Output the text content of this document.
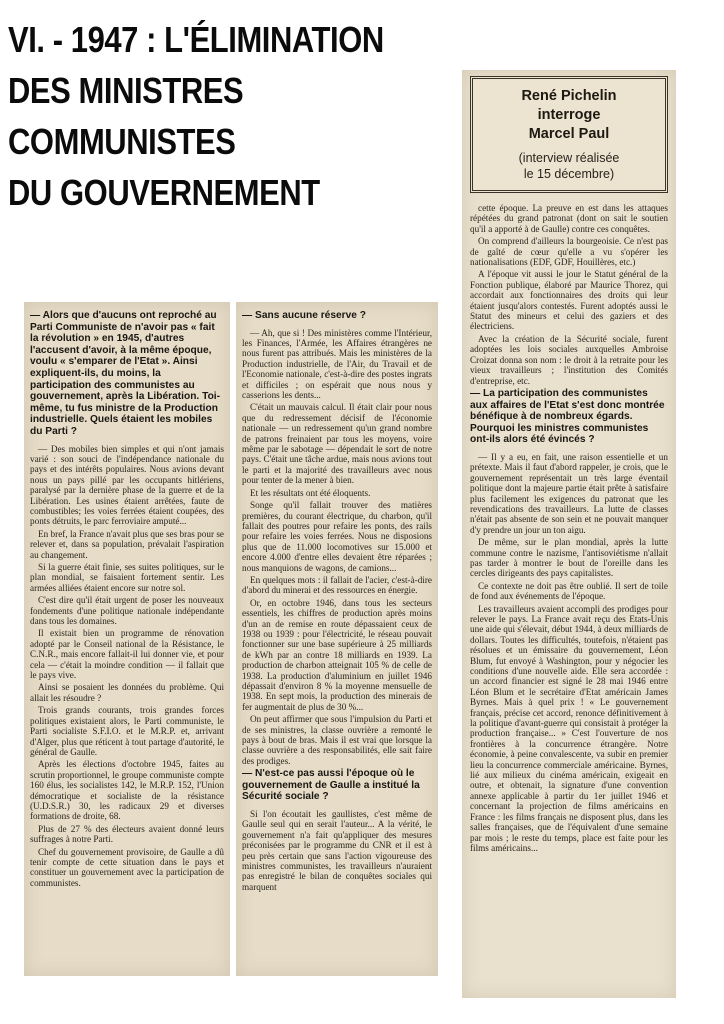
VI. - 1947 : L'ÉLIMINATION
DES MINISTRES
COMMUNISTES
DU GOUVERNEMENT

— Alors que d'aucuns ont reproché au Parti Communiste de n'avoir pas « fait la révolution » en 1945, d'autres l'accusent d'avoir, à la même époque, voulu « s'emparer de l'Etat ». Ainsi expliquent-ils, du moins, la participation des communistes au gouvernement, après la Libération. Toi-même, tu fus ministre de la Production industrielle. Quels étaient les mobiles du Parti ?

— Des mobiles bien simples et qui n'ont jamais varié : son souci de l'indépendance nationale du pays et des intérêts populaires. Nous avions devant nous un pays pillé par les occupants hitlériens, paralysé par la dernière phase de la guerre et de la Libération. Les usines étaient arrêtées, faute de combustibles; les voies ferrées étaient coupées, des ponts détruits, le parc ferroviaire amputé...

En bref, la France n'avait plus que ses bras pour se relever et, dans sa population, prévalait l'aspiration au changement.

Si la guerre était finie, ses suites politiques, sur le plan mondial, se faisaient fortement sentir. Les armées alliées étaient encore sur notre sol.

C'est dire qu'il était urgent de poser les nouveaux fondements d'une politique nationale indépendante dans tous les domaines.

Il existait bien un programme de rénovation adopté par le Conseil national de la Résistance, le C.N.R., mais encore fallait-il lui donner vie, et pour cela — c'était la moindre condition — il fallait que le pays vive.

Ainsi se posaient les données du problème. Qui allait les résoudre ?

Trois grands courants, trois grandes forces politiques existaient alors, le Parti communiste, le Parti socialiste S.F.I.O. et le M.R.P. et, arrivant d'Alger, plus que réticent à tout partage d'autorité, le général de Gaulle.

Après les élections d'octobre 1945, faites au scrutin proportionnel, le groupe communiste compte 160 élus, les socialistes 142, le M.R.P. 152, l'Union démocratique et socialiste de la résistance (U.D.S.R.) 30, les radicaux 29 et diverses formations de droite, 68.

Plus de 27 % des électeurs avaient donné leurs suffrages à notre Parti.

Chef du gouvernement provisoire, de Gaulle a dû tenir compte de cette situation dans le pays et constituer un gouvernement avec la participation de communistes.

— Sans aucune réserve ?

— Ah, que si ! Des ministères comme l'Intérieur, les Finances, l'Armée, les Affaires étrangères ne nous furent pas attribués. Mais les ministères de la Production industrielle, de l'Air, du Travail et de l'Economie nationale, c'est-à-dire des postes ingrats et difficiles ; on espérait que nous nous y casserions les dents...

C'était un mauvais calcul. Il était clair pour nous que du redressement décisif de l'économie nationale — un redressement qu'un grand nombre de patrons freinaient par tous les moyens, voire même par le sabotage — dépendait le sort de notre pays. C'était une tâche ardue, mais nous avions tout le parti et la majorité des travailleurs avec nous pour tenter de la mener à bien.

Et les résultats ont été éloquents.

Songe qu'il fallait trouver des matières premières, du courant électrique, du charbon, qu'il fallait des poutres pour refaire les ponts, des rails pour refaire les voies ferrées. Nous ne disposions plus que de 11.000 locomotives sur 15.000 et encore 4.000 d'entre elles devaient être réparées ; nous manquions de wagons, de camions...

En quelques mots : il fallait de l'acier, c'est-à-dire d'abord du minerai et des ressources en énergie.

Or, en octobre 1946, dans tous les secteurs essentiels, les chiffres de production après moins d'un an de remise en route dépassaient ceux de 1938 ou 1939 : pour l'électricité, le réseau pouvait fonctionner sur une base supérieure à 25 milliards de kWh par an contre 18 milliards en 1939. La production de charbon atteignait 105 % de celle de 1938. La production d'aluminium en juillet 1946 dépassait d'environ 8 % la moyenne mensuelle de 1938. En sept mois, la production des minerais de fer augmentait de plus de 30 %...

On peut affirmer que sous l'impulsion du Parti et de ses ministres, la classe ouvrière a remonté le pays à bout de bras. Mais il est vrai que lorsque la classe ouvrière a des responsabilités, elle sait faire des prodiges.

— N'est-ce pas aussi l'époque où le gouvernement de Gaulle a institué la Sécurité sociale ?

Si l'on écoutait les gaullistes, c'est même de Gaulle seul qui en serait l'auteur... A la vérité, le gouvernement n'a fait qu'appliquer des mesures préconisées par le programme du CNR et il est à peu près certain que sans l'action vigoureuse des ministres communistes, les travailleurs n'auraient pas enregistré le bilan de conquêtes sociales qui marquent

René Pichelin
interroge
Marcel Paul
(interview réalisée
le 15 décembre)

cette époque. La preuve en est dans les attaques répétées du grand patronat (dont on sait le soutien qu'il a apporté à de Gaulle) contre ces conquêtes.

On comprend d'ailleurs la bourgeoisie. Ce n'est pas de gaîté de cœur qu'elle a vu s'opérer les nationalisations (EDF, GDF, Houillères, etc.)

A l'époque vit aussi le jour le Statut général de la Fonction publique, élaboré par Maurice Thorez, qui accordait aux fonctionnaires des droits qui leur étaient jusqu'alors contestés. Furent adoptés aussi le Statut des mineurs et celui des gaziers et des électriciens.

Avec la création de la Sécurité sociale, furent adoptées les lois sociales auxquelles Ambroise Croizat donna son nom : le droit à la retraite pour les vieux travailleurs ; l'institution des Comités d'entreprise, etc.

— La participation des communistes aux affaires de l'Etat s'est donc montrée bénéfique à de nombreux égards. Pourquoi les ministres communistes ont-ils alors été évincés ?

— Il y a eu, en fait, une raison essentielle et un prétexte. Mais il faut d'abord rappeler, je crois, que le gouvernement représentait un très large éventail politique dont la majeure partie était prête à satisfaire plus facilement les exigences du patronat que les revendications des travailleurs. La lutte de classes n'était pas absente de son sein et ne pouvait manquer d'y prendre un jour un ton aigu.

De même, sur le plan mondial, après la lutte commune contre le nazisme, l'antisoviétisme n'allait pas tarder à montrer le bout de l'oreille dans les cercles dirigeants des pays capitalistes.

Ce contexte ne doit pas être oublié. Il sert de toile de fond aux événements de l'époque.

Les travailleurs avaient accompli des prodiges pour relever le pays. La France avait reçu des Etats-Unis une aide qui s'élevait, début 1944, à deux milliards de dollars. Toutes les difficultés, toutefois, n'étaient pas résolues et un émissaire du gouvernement, Léon Blum, fut envoyé à Washington, pour y négocier les conditions d'une nouvelle aide. Elle sera accordée : un accord financier est signé le 28 mai 1946 entre Léon Blum et le secrétaire d'Etat américain James Byrnes. Mais à quel prix ! « Le gouvernement français, précise cet accord, renonce définitivement à la politique d'avant-guerre qui consistait à protéger la production française... » C'est l'ouverture de nos frontières à la concurrence étrangère. Notre économie, à peine convalescente, va subir en premier lieu la concurrence commerciale américaine. Byrnes, lié aux milieux du cinéma américain, exigeait en outre, et obtenait, la signature d'une convention annexe applicable à partir du 1er juillet 1946 et concernant la projection de films américains en France : les films français ne disposent plus, dans les salles françaises, que de l'équivalent d'une semaine par mois ; le reste du temps, place est faite pour les films américains...
